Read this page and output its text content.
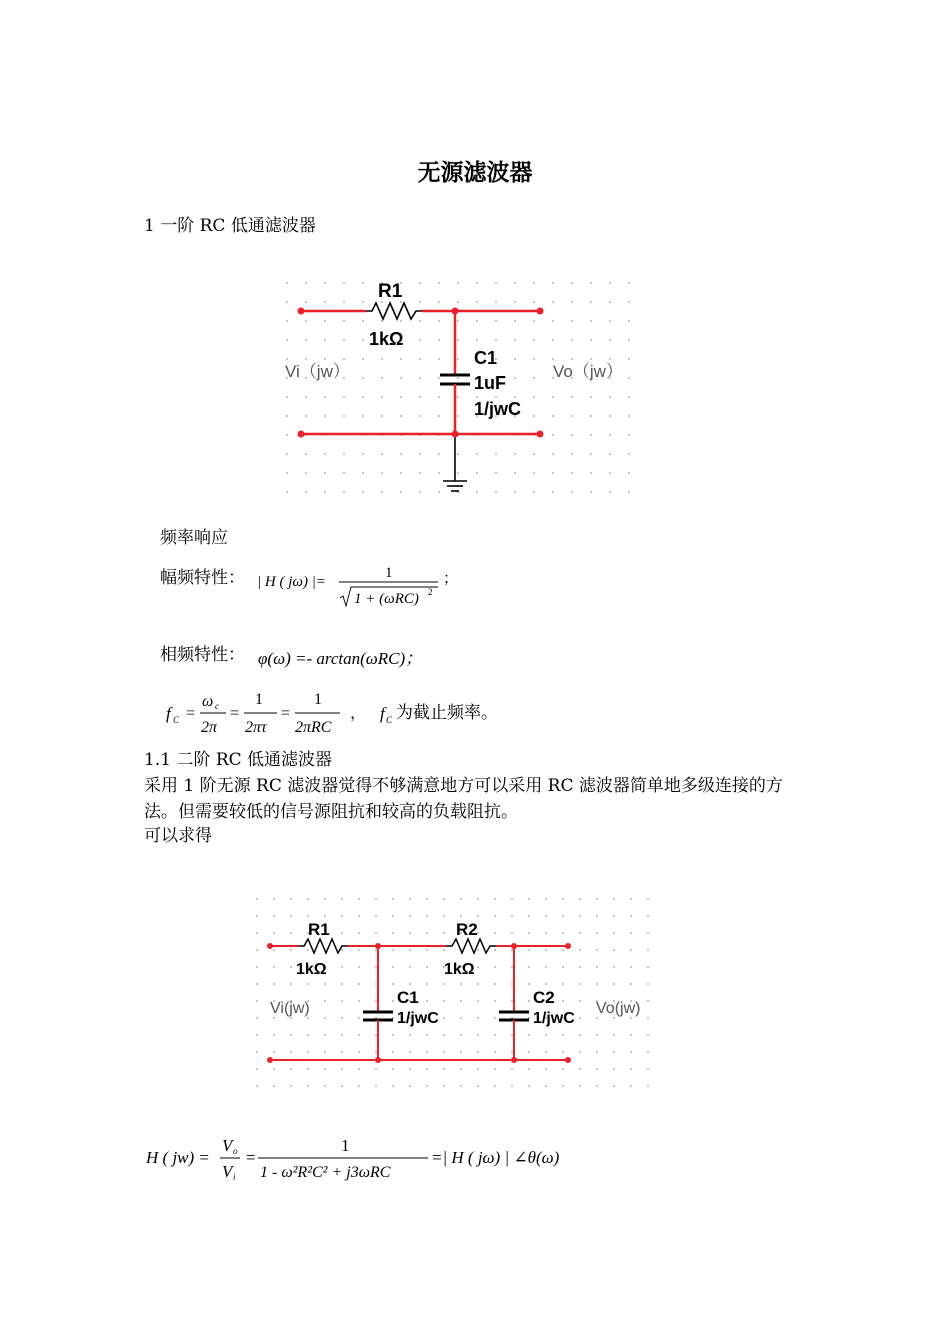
无源滤波器
1 一阶 RC 低通滤波器
R1
1kΩ
C1
1uF
1/jwC
Vi（jw）	Vo（jw）
频率响应
幅频特性： | H ( jω) |=
1
1 + (ωRC) 2
；
相频特性： φ(ω) =- arctan(ωRC)；
f C =
ω c
2π
=
1
2πτ
=
1
2πRC
， f C 为截止频率。
1.1 二阶 RC 低通滤波器
采用 1 阶无源 RC 滤波器觉得不够满意地方可以采用 RC 滤波器简单地多级连接的方法。但需要较低的信号源阻抗和较高的负载阻抗。
可以求得
R1
1kΩ
R2
1kΩ
C1
1/jwC
C2
1/jwC
Vi(jw)	Vo(jw)
H ( jw) =
V o
V i
=
1
1 - ω²R²C² + j3ωRC
=| H ( jω) | ∠θ(ω)
